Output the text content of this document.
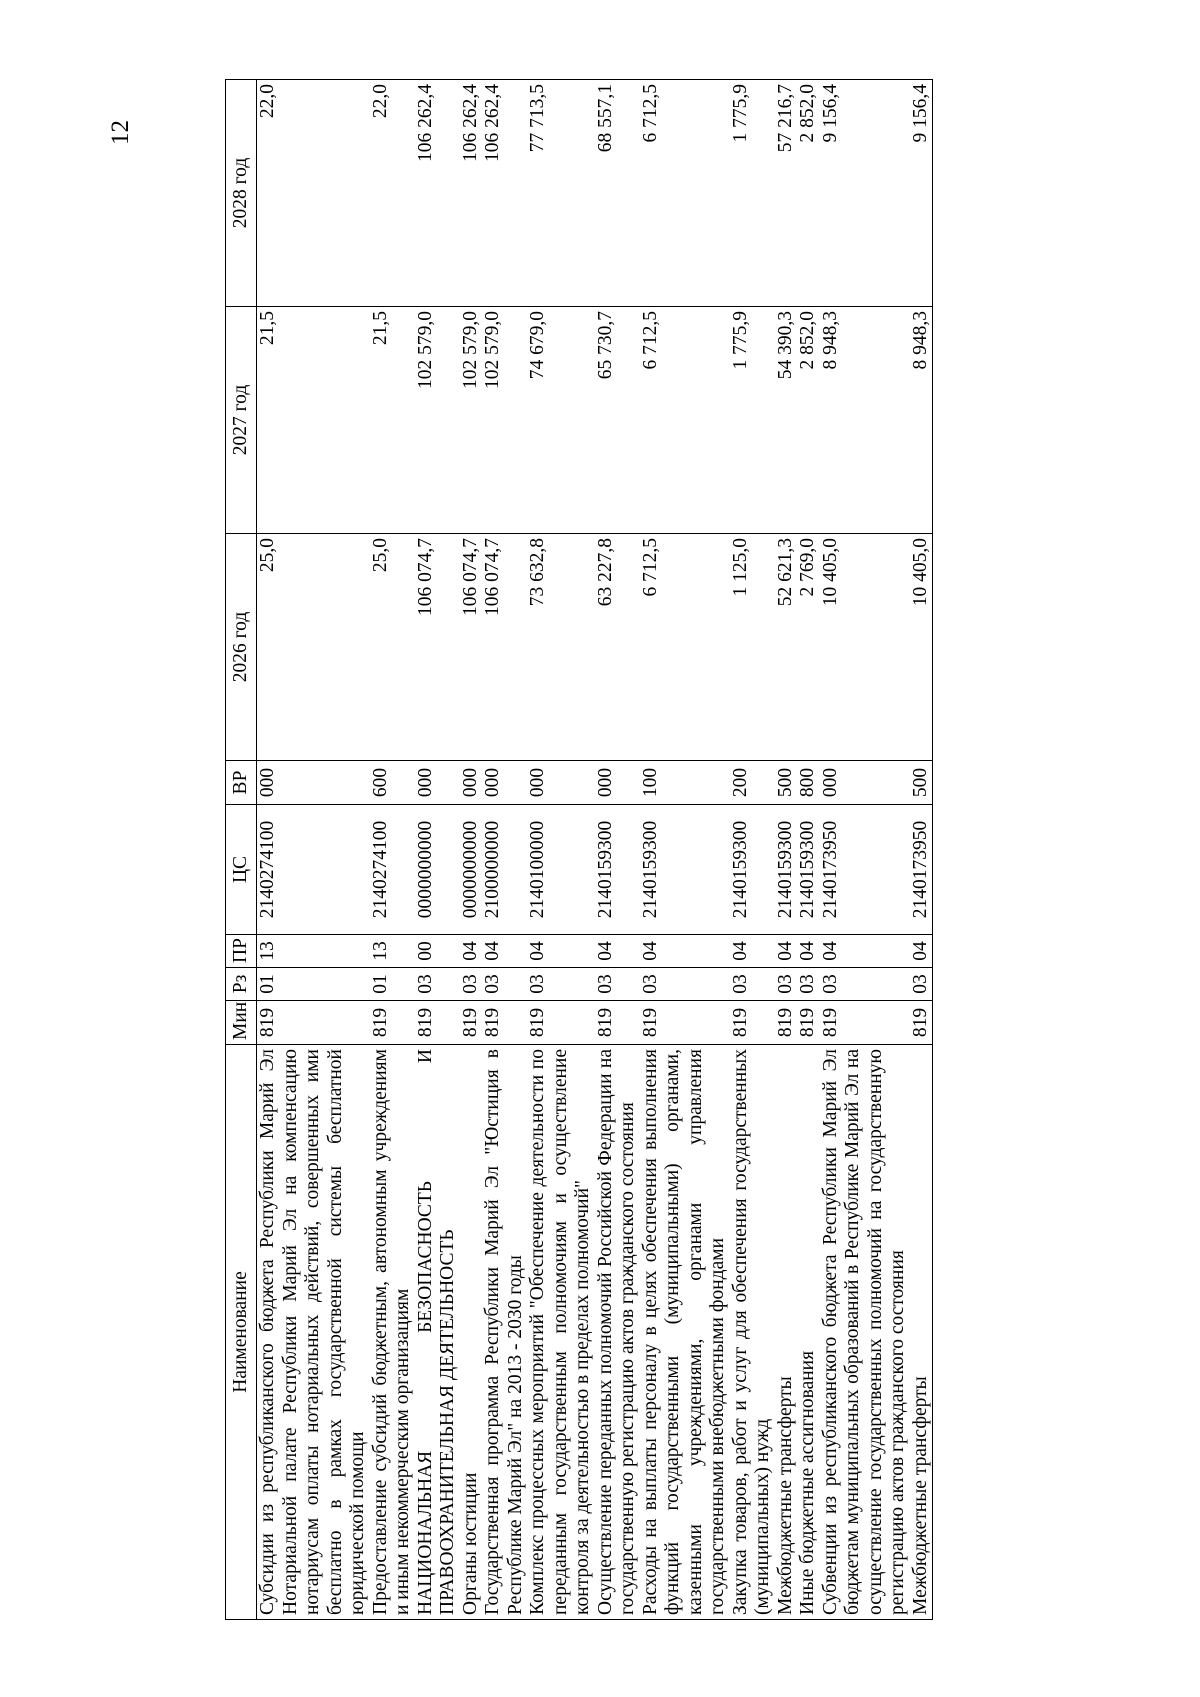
12
Наименование	Мин	Рз	ПР	ЦС	ВР	2026 год	2027 год	2028 год
Субсидии из республиканского бюджета Республики Марий Эл Нотариальной палате Республики Марий Эл на компенсацию нотариусам оплаты нотариальных действий, совершенных ими бесплатно в рамках государственной системы бесплатной юридической помощи	819	01	13	2140274100	000	25,0	21,5	22,0
Предоставление субсидий бюджетным, автономным учреждениям и иным некоммерческим организациям	819	01	13	2140274100	600	25,0	21,5	22,0
НАЦИОНАЛЬНАЯ БЕЗОПАСНОСТЬ И ПРАВООХРАНИТЕЛЬНАЯ ДЕЯТЕЛЬНОСТЬ	819	03	00	0000000000	000	106 074,7	102 579,0	106 262,4
Органы юстиции	819	03	04	0000000000	000	106 074,7	102 579,0	106 262,4
Государственная программа Республики Марий Эл "Юстиция в Республике Марий Эл" на 2013 - 2030 годы	819	03	04	2100000000	000	106 074,7	102 579,0	106 262,4
Комплекс процессных мероприятий "Обеспечение деятельности по переданным государственным полномочиям и осуществление контроля за деятельностью в пределах полномочий"	819	03	04	2140100000	000	73 632,8	74 679,0	77 713,5
Осуществление переданных полномочий Российской Федерации на государственную регистрацию актов гражданского состояния	819	03	04	2140159300	000	63 227,8	65 730,7	68 557,1
Расходы на выплаты персоналу в целях обеспечения выполнения функций государственными (муниципальными) органами, казенными учреждениями, органами управления государственными внебюджетными фондами	819	03	04	2140159300	100	6 712,5	6 712,5	6 712,5
Закупка товаров, работ и услуг для обеспечения государственных (муниципальных) нужд	819	03	04	2140159300	200	1 125,0	1 775,9	1 775,9
Межбюджетные трансферты	819	03	04	2140159300	500	52 621,3	54 390,3	57 216,7
Иные бюджетные ассигнования	819	03	04	2140159300	800	2 769,0	2 852,0	2 852,0
Субвенции из республиканского бюджета Республики Марий Эл бюджетам муниципальных образований в Республике Марий Эл на осуществление государственных полномочий на государственную регистрацию актов гражданского состояния	819	03	04	2140173950	000	10 405,0	8 948,3	9 156,4
Межбюджетные трансферты	819	03	04	2140173950	500	10 405,0	8 948,3	9 156,4
